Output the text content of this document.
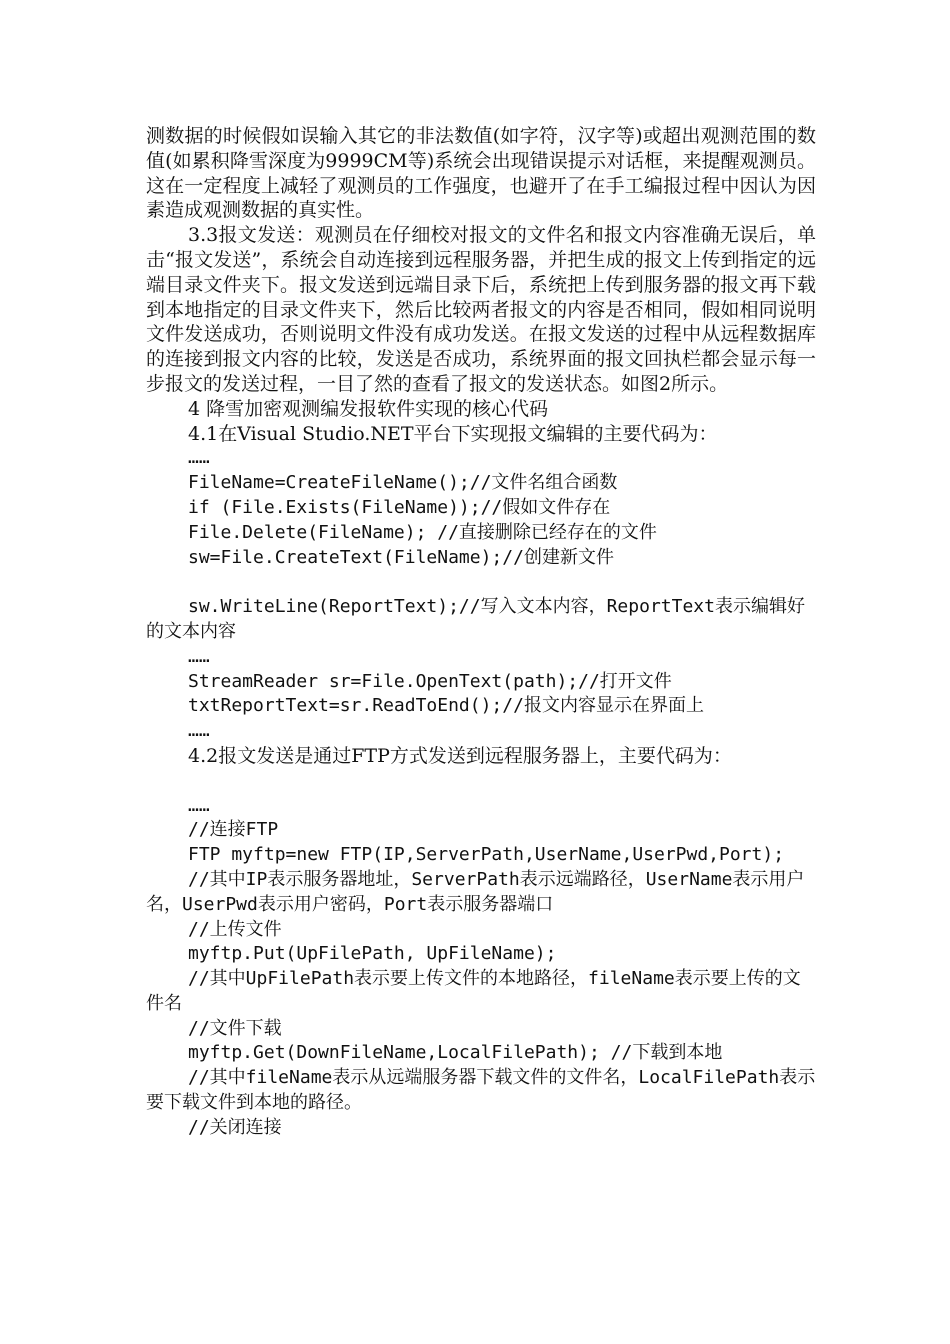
测数据的时候假如误输入其它的非法数值(如字符，汉字等)或超出观测范围的数值(如累积降雪深度为9999CM等)系统会出现错误提示对话框，来提醒观测员。这在一定程度上减轻了观测员的工作强度，也避开了在手工编报过程中因认为因素造成观测数据的真实性。

3.3报文发送：观测员在仔细校对报文的文件名和报文内容准确无误后，单击“报文发送”，系统会自动连接到远程服务器，并把生成的报文上传到指定的远端目录文件夹下。报文发送到远端目录下后，系统把上传到服务器的报文再下载到本地指定的目录文件夹下，然后比较两者报文的内容是否相同，假如相同说明文件发送成功，否则说明文件没有成功发送。在报文发送的过程中从远程数据库的连接到报文内容的比较，发送是否成功，系统界面的报文回执栏都会显示每一步报文的发送过程，一目了然的查看了报文的发送状态。如图2所示。

4 降雪加密观测编发报软件实现的核心代码

4.1在Visual Studio.NET平台下实现报文编辑的主要代码为：

……

FileName=CreateFileName();//文件名组合函数

if (File.Exists(FileName));//假如文件存在

File.Delete(FileName); //直接删除已经存在的文件

sw=File.CreateText(FileName);//创建新文件

sw.WriteLine(ReportText);//写入文本内容，ReportText表示编辑好的文本内容

……

StreamReader sr=File.OpenText(path);//打开文件

txtReportText=sr.ReadToEnd();//报文内容显示在界面上

……

4.2报文发送是通过FTP方式发送到远程服务器上，主要代码为：

……

//连接FTP

FTP myftp=new FTP(IP,ServerPath,UserName,UserPwd,Port);

//其中IP表示服务器地址，ServerPath表示远端路径，UserName表示用户名，UserPwd表示用户密码，Port表示服务器端口

//上传文件

myftp.Put(UpFilePath, UpFileName);

//其中UpFilePath表示要上传文件的本地路径，fileName表示要上传的文件名

//文件下载

myftp.Get(DownFileName,LocalFilePath); //下载到本地

//其中fileName表示从远端服务器下载文件的文件名，LocalFilePath表示要下载文件到本地的路径。

//关闭连接
